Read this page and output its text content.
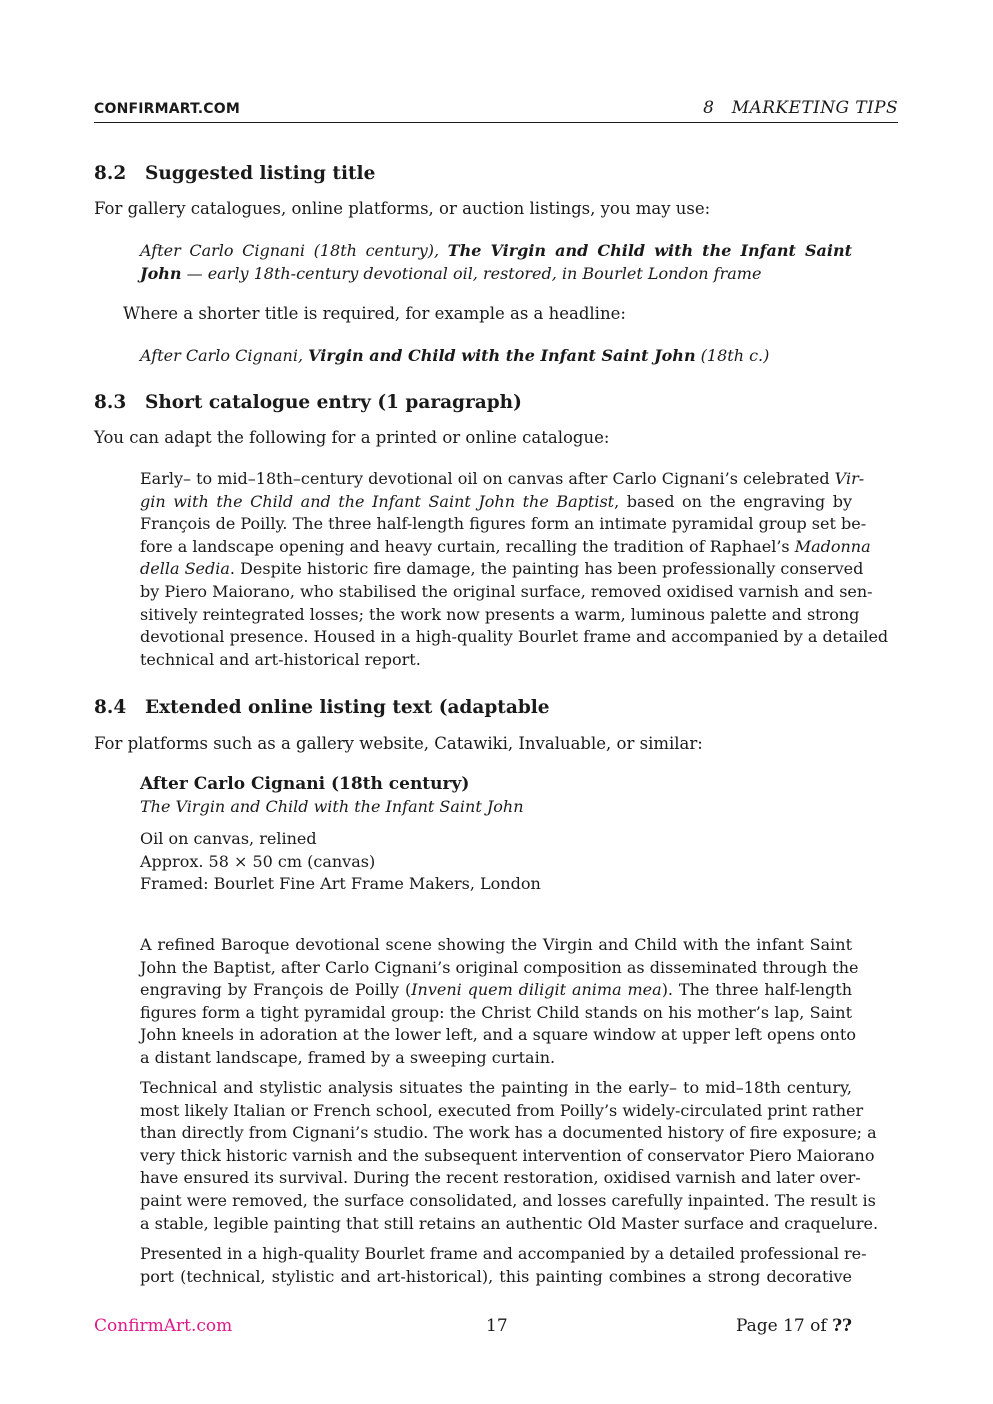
CONFIRMART.COM	8   MARKETING TIPS
8.2 Suggested listing title
For gallery catalogues, online platforms, or auction listings, you may use:
After Carlo Cignani (18th century), The Virgin and Child with the Infant Saint
John — early 18th-century devotional oil, restored, in Bourlet London frame
Where a shorter title is required, for example as a headline:
After Carlo Cignani, Virgin and Child with the Infant Saint John (18th c.)
8.3 Short catalogue entry (1 paragraph)
You can adapt the following for a printed or online catalogue:
Early– to mid–18th–century devotional oil on canvas after Carlo Cignani’s celebrated Vir-
gin with the Child and the Infant Saint John the Baptist, based on the engraving by
François de Poilly. The three half-length figures form an intimate pyramidal group set be-
fore a landscape opening and heavy curtain, recalling the tradition of Raphael’s Madonna
della Sedia. Despite historic fire damage, the painting has been professionally conserved
by Piero Maiorano, who stabilised the original surface, removed oxidised varnish and sen-
sitively reintegrated losses; the work now presents a warm, luminous palette and strong
devotional presence. Housed in a high-quality Bourlet frame and accompanied by a detailed
technical and art-historical report.
8.4 Extended online listing text (adaptable
For platforms such as a gallery website, Catawiki, Invaluable, or similar:
After Carlo Cignani (18th century)
The Virgin and Child with the Infant Saint John
Oil on canvas, relined
Approx. 58 × 50 cm (canvas)
Framed: Bourlet Fine Art Frame Makers, London
A refined Baroque devotional scene showing the Virgin and Child with the infant Saint
John the Baptist, after Carlo Cignani’s original composition as disseminated through the
engraving by François de Poilly (Inveni quem diligit anima mea). The three half-length
figures form a tight pyramidal group: the Christ Child stands on his mother’s lap, Saint
John kneels in adoration at the lower left, and a square window at upper left opens onto
a distant landscape, framed by a sweeping curtain.
Technical and stylistic analysis situates the painting in the early– to mid–18th century,
most likely Italian or French school, executed from Poilly’s widely-circulated print rather
than directly from Cignani’s studio. The work has a documented history of fire exposure; a
very thick historic varnish and the subsequent intervention of conservator Piero Maiorano
have ensured its survival. During the recent restoration, oxidised varnish and later over-
paint were removed, the surface consolidated, and losses carefully inpainted. The result is
a stable, legible painting that still retains an authentic Old Master surface and craquelure.
Presented in a high-quality Bourlet frame and accompanied by a detailed professional re-
port (technical, stylistic and art-historical), this painting combines a strong decorative
ConfirmArt.com	17	Page 17 of ??
